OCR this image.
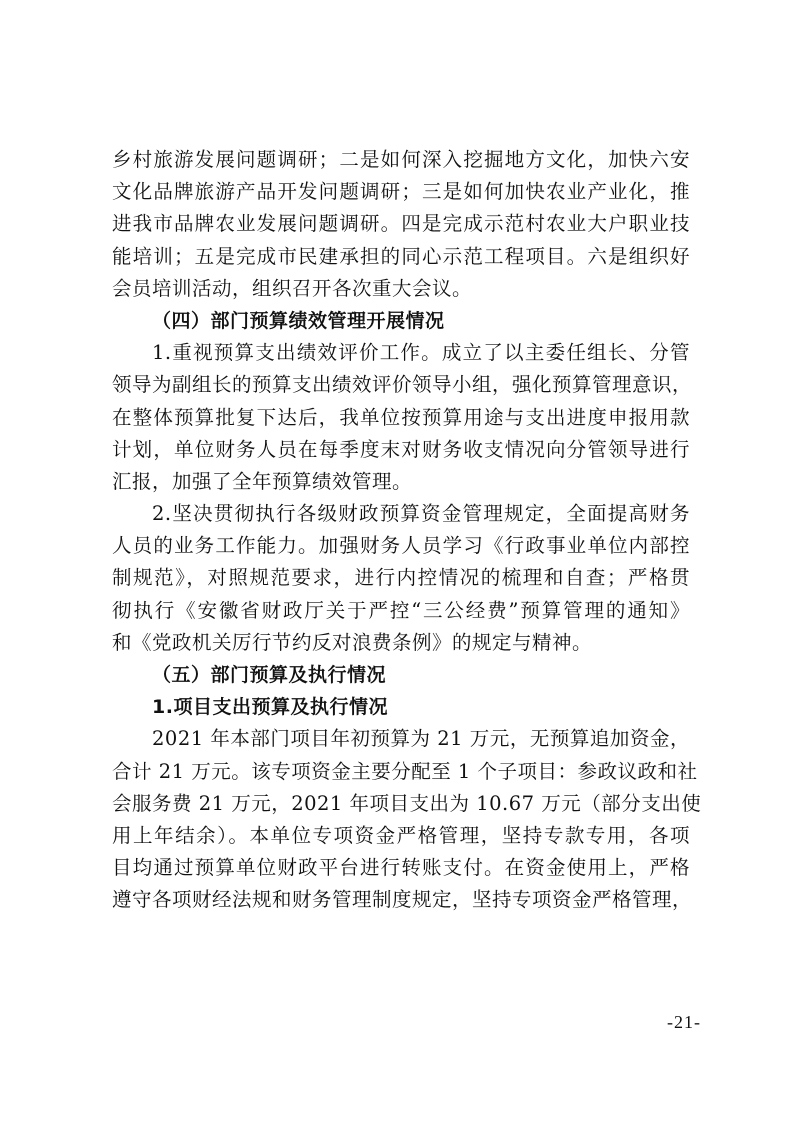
乡村旅游发展问题调研；二是如何深入挖掘地方文化，加快六安
文化品牌旅游产品开发问题调研；三是如何加快农业产业化，推
进我市品牌农业发展问题调研。四是完成示范村农业大户职业技
能培训；五是完成市民建承担的同心示范工程项目。六是组织好
会员培训活动，组织召开各次重大会议。
（四）部门预算绩效管理开展情况
1.重视预算支出绩效评价工作。成立了以主委任组长、分管
领导为副组长的预算支出绩效评价领导小组，强化预算管理意识，
在整体预算批复下达后，我单位按预算用途与支出进度申报用款
计划，单位财务人员在每季度末对财务收支情况向分管领导进行
汇报，加强了全年预算绩效管理。
2.坚决贯彻执行各级财政预算资金管理规定，全面提高财务
人员的业务工作能力。加强财务人员学习《行政事业单位内部控
制规范》，对照规范要求，进行内控情况的梳理和自查；严格贯
彻执行《安徽省财政厅关于严控“三公经费”预算管理的通知》
和《党政机关厉行节约反对浪费条例》的规定与精神。
（五）部门预算及执行情况
1.项目支出预算及执行情况
2021 年本部门项目年初预算为 21 万元，无预算追加资金，
合计 21 万元。该专项资金主要分配至 1 个子项目：参政议政和社
会服务费 21 万元，2021 年项目支出为 10.67 万元（部分支出使
用上年结余）。本单位专项资金严格管理，坚持专款专用，各项
目均通过预算单位财政平台进行转账支付。在资金使用上，严格
遵守各项财经法规和财务管理制度规定，坚持专项资金严格管理，
-21-
